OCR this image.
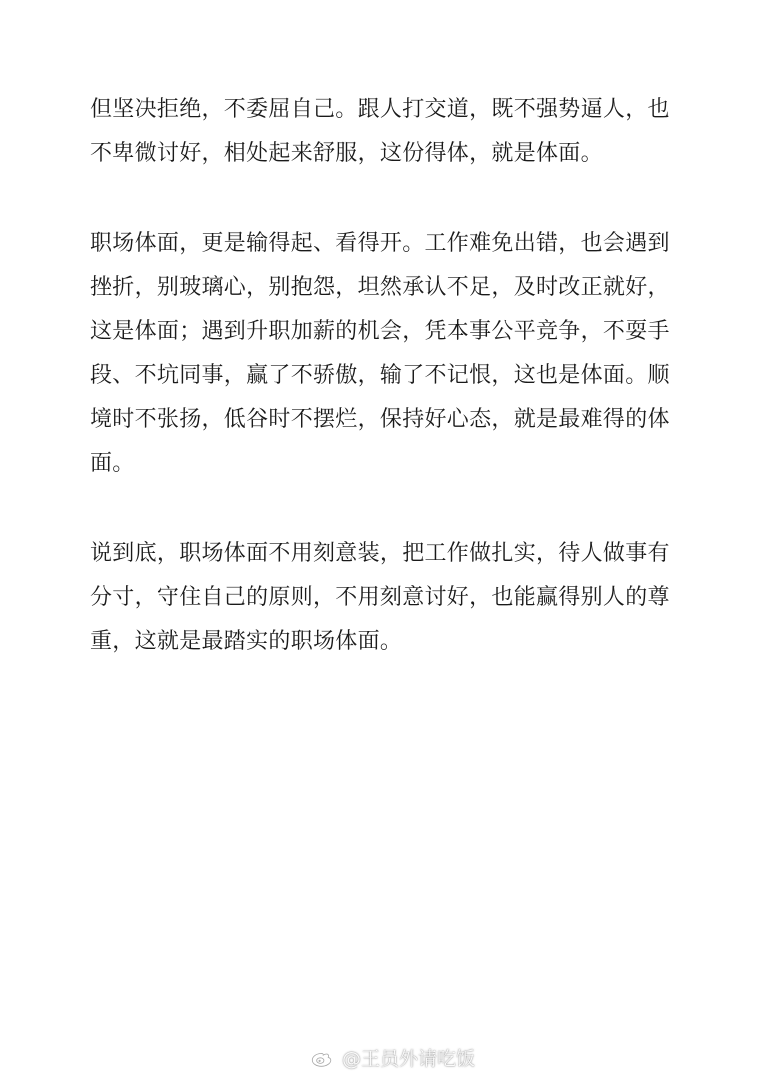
但坚决拒绝，不委屈自己。跟人打交道，既不强势逼人，也
不卑微讨好，相处起来舒服，这份得体，就是体面。

职场体面，更是输得起、看得开。工作难免出错，也会遇到
挫折，别玻璃心，别抱怨，坦然承认不足，及时改正就好，
这是体面；遇到升职加薪的机会，凭本事公平竞争，不耍手
段、不坑同事，赢了不骄傲，输了不记恨，这也是体面。顺
境时不张扬，低谷时不摆烂，保持好心态，就是最难得的体
面。

说到底，职场体面不用刻意装，把工作做扎实，待人做事有
分寸，守住自己的原则，不用刻意讨好，也能赢得别人的尊
重，这就是最踏实的职场体面。

@王员外请吃饭
